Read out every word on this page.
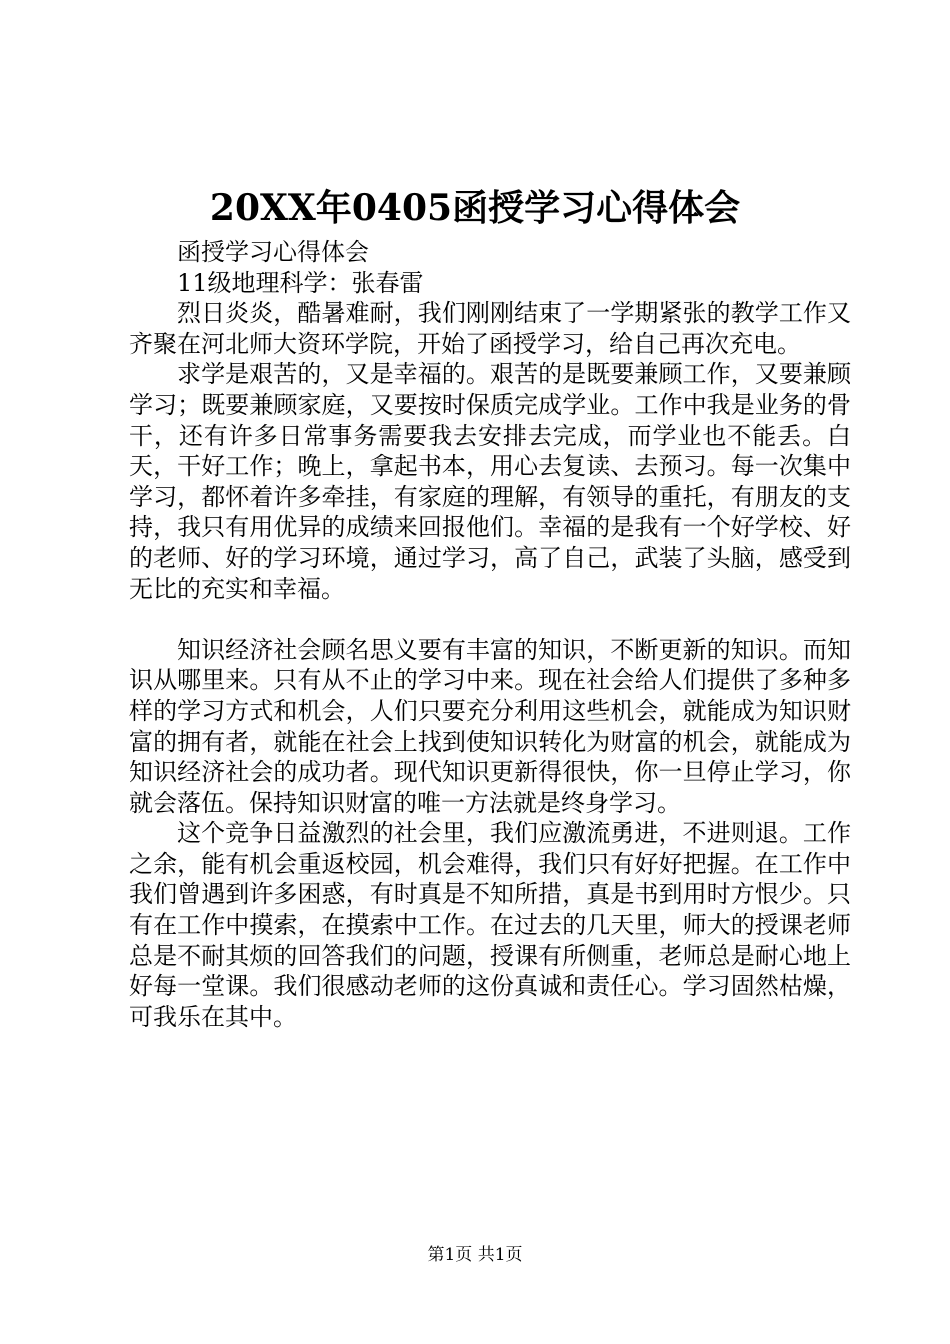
20XX年0405函授学习心得体会

函授学习心得体会

11级地理科学：张春雷

烈日炎炎，酷暑难耐，我们刚刚结束了一学期紧张的教学工作又齐聚在河北师大资环学院，开始了函授学习，给自己再次充电。

求学是艰苦的，又是幸福的。艰苦的是既要兼顾工作，又要兼顾学习；既要兼顾家庭，又要按时保质完成学业。工作中我是业务的骨干，还有许多日常事务需要我去安排去完成，而学业也不能丢。白天，干好工作；晚上，拿起书本，用心去复读、去预习。每一次集中学习，都怀着许多牵挂，有家庭的理解，有领导的重托，有朋友的支持，我只有用优异的成绩来回报他们。幸福的是我有一个好学校、好的老师、好的学习环境，通过学习，高了自己，武装了头脑，感受到无比的充实和幸福。

知识经济社会顾名思义要有丰富的知识，不断更新的知识。而知识从哪里来。只有从不止的学习中来。现在社会给人们提供了多种多样的学习方式和机会，人们只要充分利用这些机会，就能成为知识财富的拥有者，就能在社会上找到使知识转化为财富的机会，就能成为知识经济社会的成功者。现代知识更新得很快，你一旦停止学习，你就会落伍。保持知识财富的唯一方法就是终身学习。

这个竞争日益激烈的社会里，我们应激流勇进，不进则退。工作之余，能有机会重返校园，机会难得，我们只有好好把握。在工作中我们曾遇到许多困惑，有时真是不知所措，真是书到用时方恨少。只有在工作中摸索，在摸索中工作。在过去的几天里，师大的授课老师总是不耐其烦的回答我们的问题，授课有所侧重，老师总是耐心地上好每一堂课。我们很感动老师的这份真诚和责任心。学习固然枯燥，可我乐在其中。

第1页 共1页
